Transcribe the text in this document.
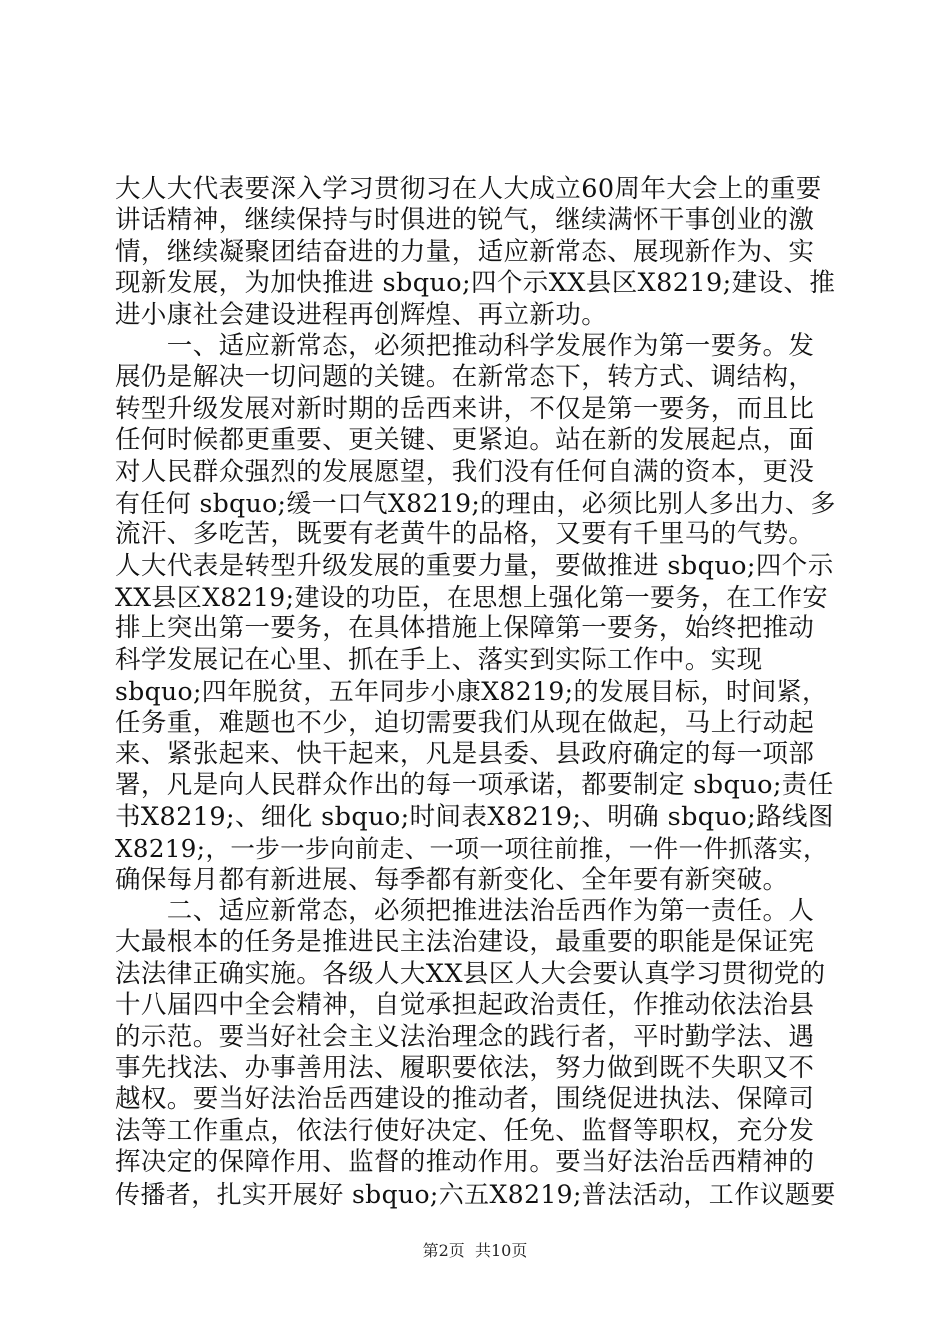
大人大代表要深入学习贯彻习在人大成立60周年大会上的重要
讲话精神，继续保持与时俱进的锐气，继续满怀干事创业的激
情，继续凝聚团结奋进的力量，适应新常态、展现新作为、实
现新发展，为加快推进 sbquo;四个示XX县区X8219;建设、推
进小康社会建设进程再创辉煌、再立新功。
　　一、适应新常态，必须把推动科学发展作为第一要务。发
展仍是解决一切问题的关键。在新常态下，转方式、调结构，
转型升级发展对新时期的岳西来讲，不仅是第一要务，而且比
任何时候都更重要、更关键、更紧迫。站在新的发展起点，面
对人民群众强烈的发展愿望，我们没有任何自满的资本，更没
有任何 sbquo;缓一口气X8219;的理由，必须比别人多出力、多
流汗、多吃苦，既要有老黄牛的品格，又要有千里马的气势。
人大代表是转型升级发展的重要力量，要做推进 sbquo;四个示
XX县区X8219;建设的功臣，在思想上强化第一要务，在工作安
排上突出第一要务，在具体措施上保障第一要务，始终把推动
科学发展记在心里、抓在手上、落实到实际工作中。实现
sbquo;四年脱贫，五年同步小康X8219;的发展目标，时间紧，
任务重，难题也不少，迫切需要我们从现在做起，马上行动起
来、紧张起来、快干起来，凡是县委、县政府确定的每一项部
署，凡是向人民群众作出的每一项承诺，都要制定 sbquo;责任
书X8219;、细化 sbquo;时间表X8219;、明确 sbquo;路线图
X8219;，一步一步向前走、一项一项往前推，一件一件抓落实，
确保每月都有新进展、每季都有新变化、全年要有新突破。
　　二、适应新常态，必须把推进法治岳西作为第一责任。人
大最根本的任务是推进民主法治建设，最重要的职能是保证宪
法法律正确实施。各级人大XX县区人大会要认真学习贯彻党的
十八届四中全会精神，自觉承担起政治责任，作推动依法治县
的示范。要当好社会主义法治理念的践行者，平时勤学法、遇
事先找法、办事善用法、履职要依法，努力做到既不失职又不
越权。要当好法治岳西建设的推动者，围绕促进执法、保障司
法等工作重点，依法行使好决定、任免、监督等职权，充分发
挥决定的保障作用、监督的推动作用。要当好法治岳西精神的
传播者，扎实开展好 sbquo;六五X8219;普法活动，工作议题要
第2页 共10页
